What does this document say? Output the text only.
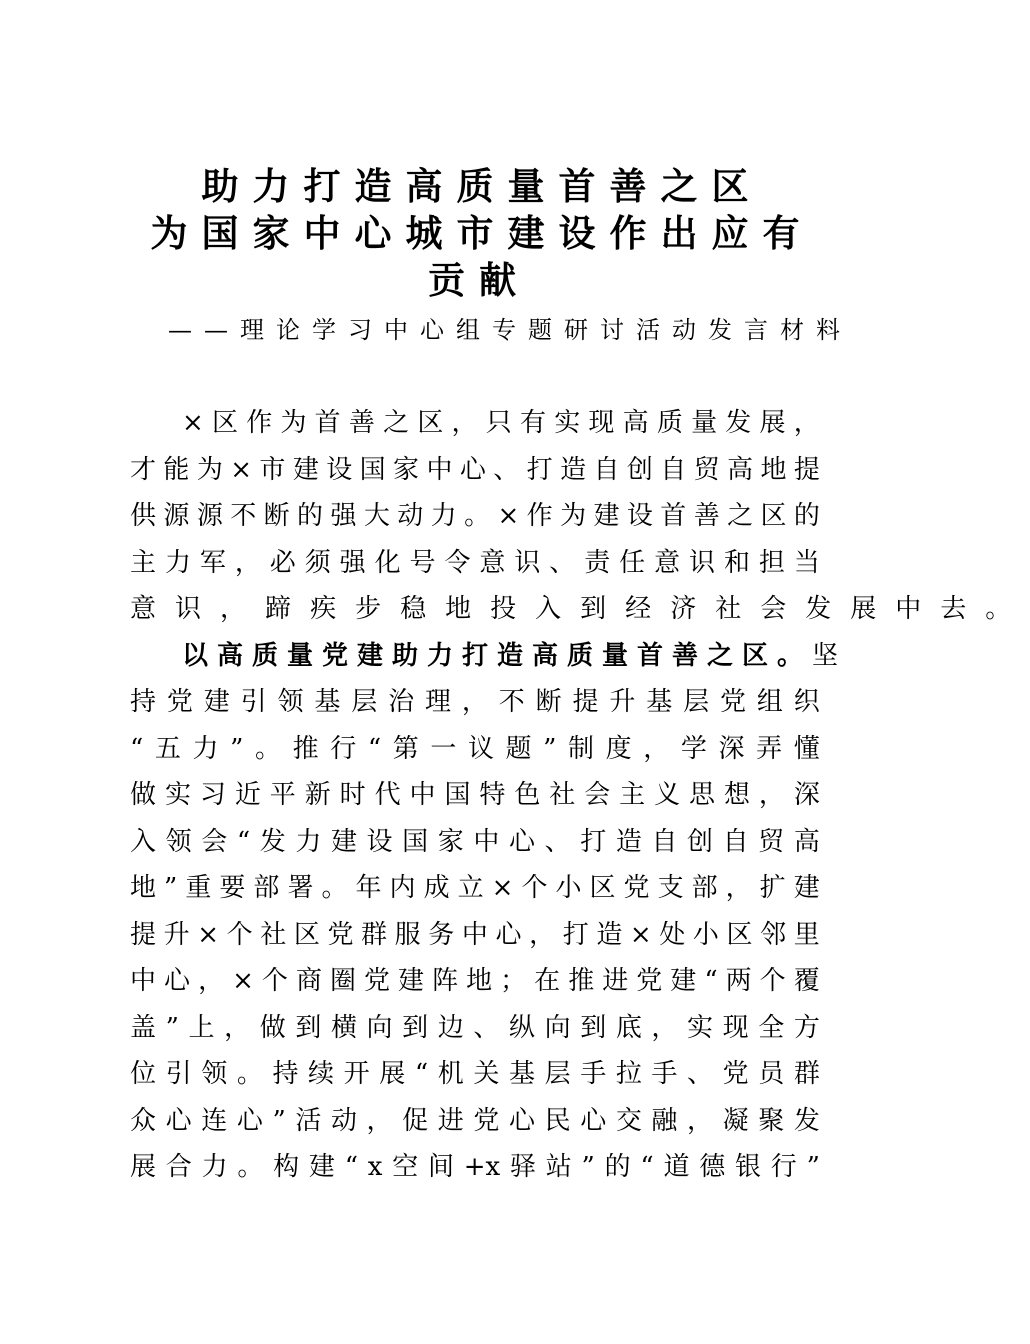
助力打造高质量首善之区

为国家中心城市建设作出应有

贡献

——理论学习中心组专题研讨活动发言材料
× 区 作 为 首 善 之 区 ， 只 有 实 现 高 质 量 发 展 ，
才 能 为 × 市 建 设 国 家 中 心 、 打 造 自 创 自 贸 高 地 提
供 源 源 不 断 的 强 大 动 力 。 × 作 为 建 设 首 善 之 区 的
主 力 军 ， 必 须 强 化 号 令 意 识 、 责 任 意 识 和 担 当
意 识 ， 蹄 疾 步 稳 地 投 入 到 经 济 社 会 发 展 中 去 。
以高质量党建助力打造高质量首善之区。 坚
持 党 建 引 领 基 层 治 理 ， 不 断 提 升 基 层 党 组 织
“ 五 力 ” 。 推 行 “ 第 一 议 题 ” 制 度 ， 学 深 弄 懂
做 实 习 近 平 新 时 代 中 国 特 色 社 会 主 义 思 想 ， 深
入 领 会 “ 发 力 建 设 国 家 中 心 、 打 造 自 创 自 贸 高
地 ” 重 要 部 署 。 年 内 成 立 × 个 小 区 党 支 部 ， 扩 建
提 升 × 个 社 区 党 群 服 务 中 心 ， 打 造 × 处 小 区 邻 里
中 心 ， × 个 商 圈 党 建 阵 地 ； 在 推 进 党 建 “ 两 个 覆
盖 ” 上 ， 做 到 横 向 到 边 、 纵 向 到 底 ， 实 现 全 方
位 引 领 。 持 续 开 展 “ 机 关 基 层 手 拉 手 、 党 员 群
众 心 连 心 ” 活 动 ， 促 进 党 心 民 心 交 融 ， 凝 聚 发
展 合 力 。 构 建 “ x 空 间 +x 驿 站 ” 的 “ 道 德 银 行 ”
